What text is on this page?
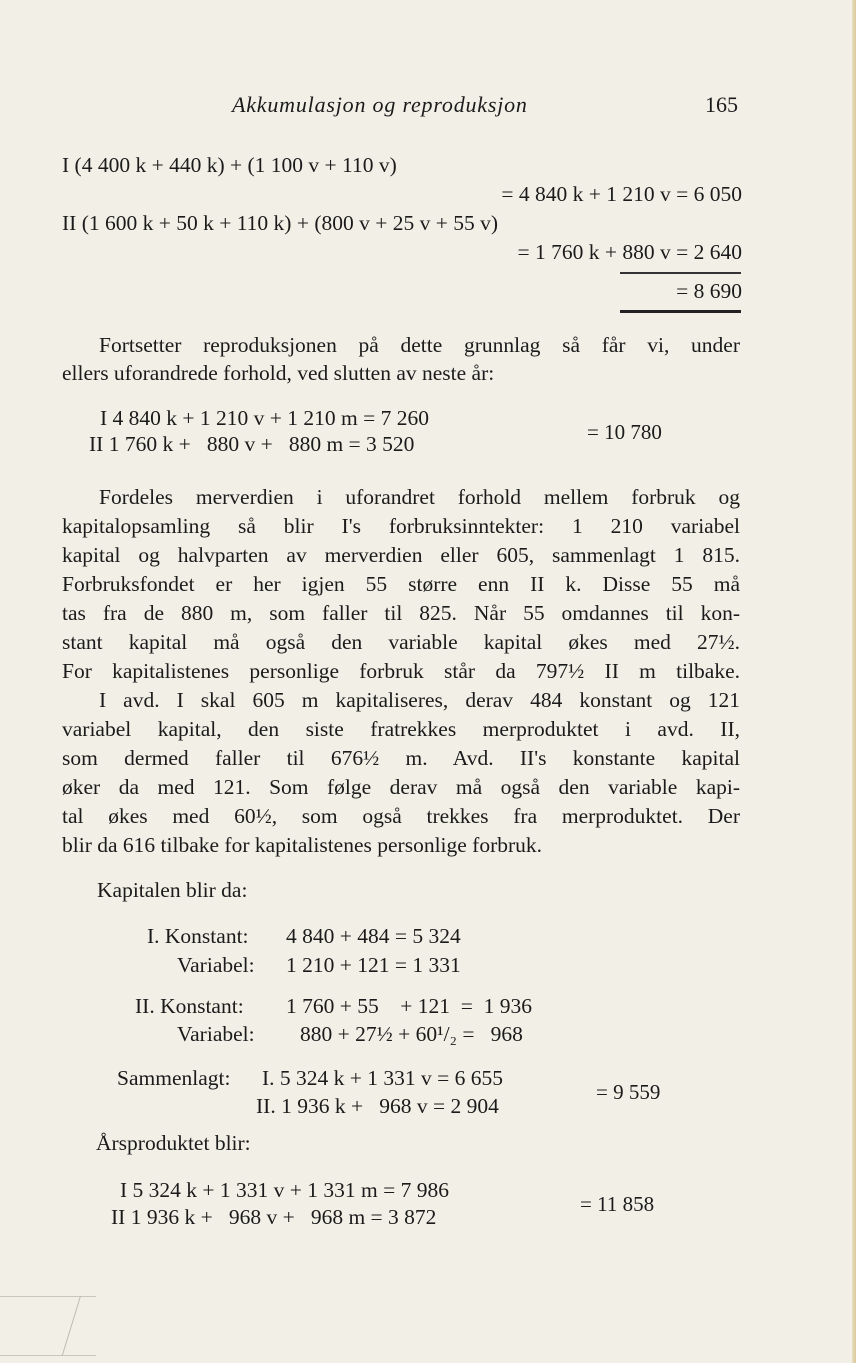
Akkumulasjon og reproduksjon	165
I (4 400 k + 440 k) + (1 100 v + 110 v)
= 4 840 k + 1 210 v = 6 050
II (1 600 k + 50 k + 110 k) + (800 v + 25 v + 55 v)
= 1 760 k + 880 v = 2 640
= 8 690
Fortsetter reproduksjonen på dette grunnlag så får vi, under
ellers uforandrede forhold, ved slutten av neste år:
I 4 840 k + 1 210 v + 1 210 m = 7 260
II 1 760 k +   880 v +   880 m = 3 520	= 10 780
Fordeles merverdien i uforandret forhold mellem forbruk og
kapitalopsamling så blir I's forbruksinntekter: 1 210 variabel
kapital og halvparten av merverdien eller 605, sammenlagt 1 815.
Forbruksfondet er her igjen 55 større enn II k. Disse 55 må
tas fra de 880 m, som faller til 825. Når 55 omdannes til kon-
stant kapital må også den variable kapital økes med 27½.
For kapitalistenes personlige forbruk står da 797½ II m tilbake.
I avd. I skal 605 m kapitaliseres, derav 484 konstant og 121
variabel kapital, den siste fratrekkes merproduktet i avd. II,
som dermed faller til 676½ m. Avd. II's konstante kapital
øker da med 121. Som følge derav må også den variable kapi-
tal økes med 60½, som også trekkes fra merproduktet. Der
blir da 616 tilbake for kapitalistenes personlige forbruk.
Kapitalen blir da:
I. Konstant: 4 840 + 484 = 5 324
Variabel: 1 210 + 121 = 1 331
II. Konstant: 1 760 + 55    + 121  =  1 936
Variabel: 880 + 27½ + 60¹/₂ =   968
Sammenlagt: I. 5 324 k + 1 331 v = 6 655
II. 1 936 k +   968 v = 2 904
= 9 559
Årsproduktet blir:
I 5 324 k + 1 331 v + 1 331 m = 7 986
II 1 936 k +   968 v +   968 m = 3 872
= 11 858
